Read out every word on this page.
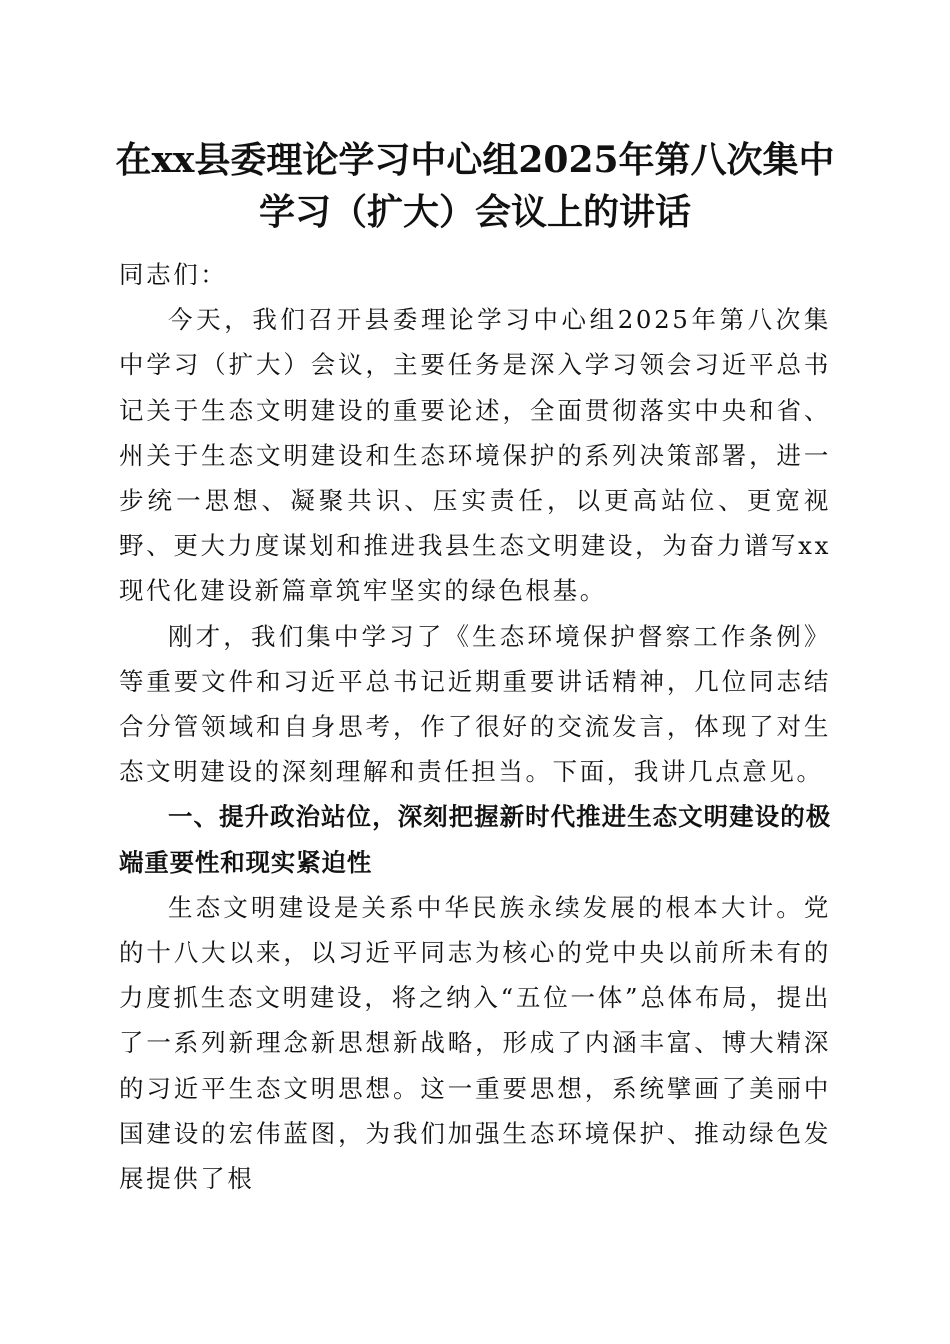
在xx县委理论学习中心组2025年第八次集中
学习（扩大）会议上的讲话

同志们：

今天，我们召开县委理论学习中心组2025年第八次集中学习（扩大）会议，主要任务是深入学习领会习近平总书记关于生态文明建设的重要论述，全面贯彻落实中央和省、州关于生态文明建设和生态环境保护的系列决策部署，进一步统一思想、凝聚共识、压实责任，以更高站位、更宽视野、更大力度谋划和推进我县生态文明建设，为奋力谱写xx现代化建设新篇章筑牢坚实的绿色根基。

刚才，我们集中学习了《生态环境保护督察工作条例》等重要文件和习近平总书记近期重要讲话精神，几位同志结合分管领域和自身思考，作了很好的交流发言，体现了对生态文明建设的深刻理解和责任担当。下面，我讲几点意见。

一、提升政治站位，深刻把握新时代推进生态文明建设的极端重要性和现实紧迫性

生态文明建设是关系中华民族永续发展的根本大计。党的十八大以来，以习近平同志为核心的党中央以前所未有的力度抓生态文明建设，将之纳入“五位一体”总体布局，提出了一系列新理念新思想新战略，形成了内涵丰富、博大精深的习近平生态文明思想。这一重要思想，系统擘画了美丽中国建设的宏伟蓝图，为我们加强生态环境保护、推动绿色发展提供了根
